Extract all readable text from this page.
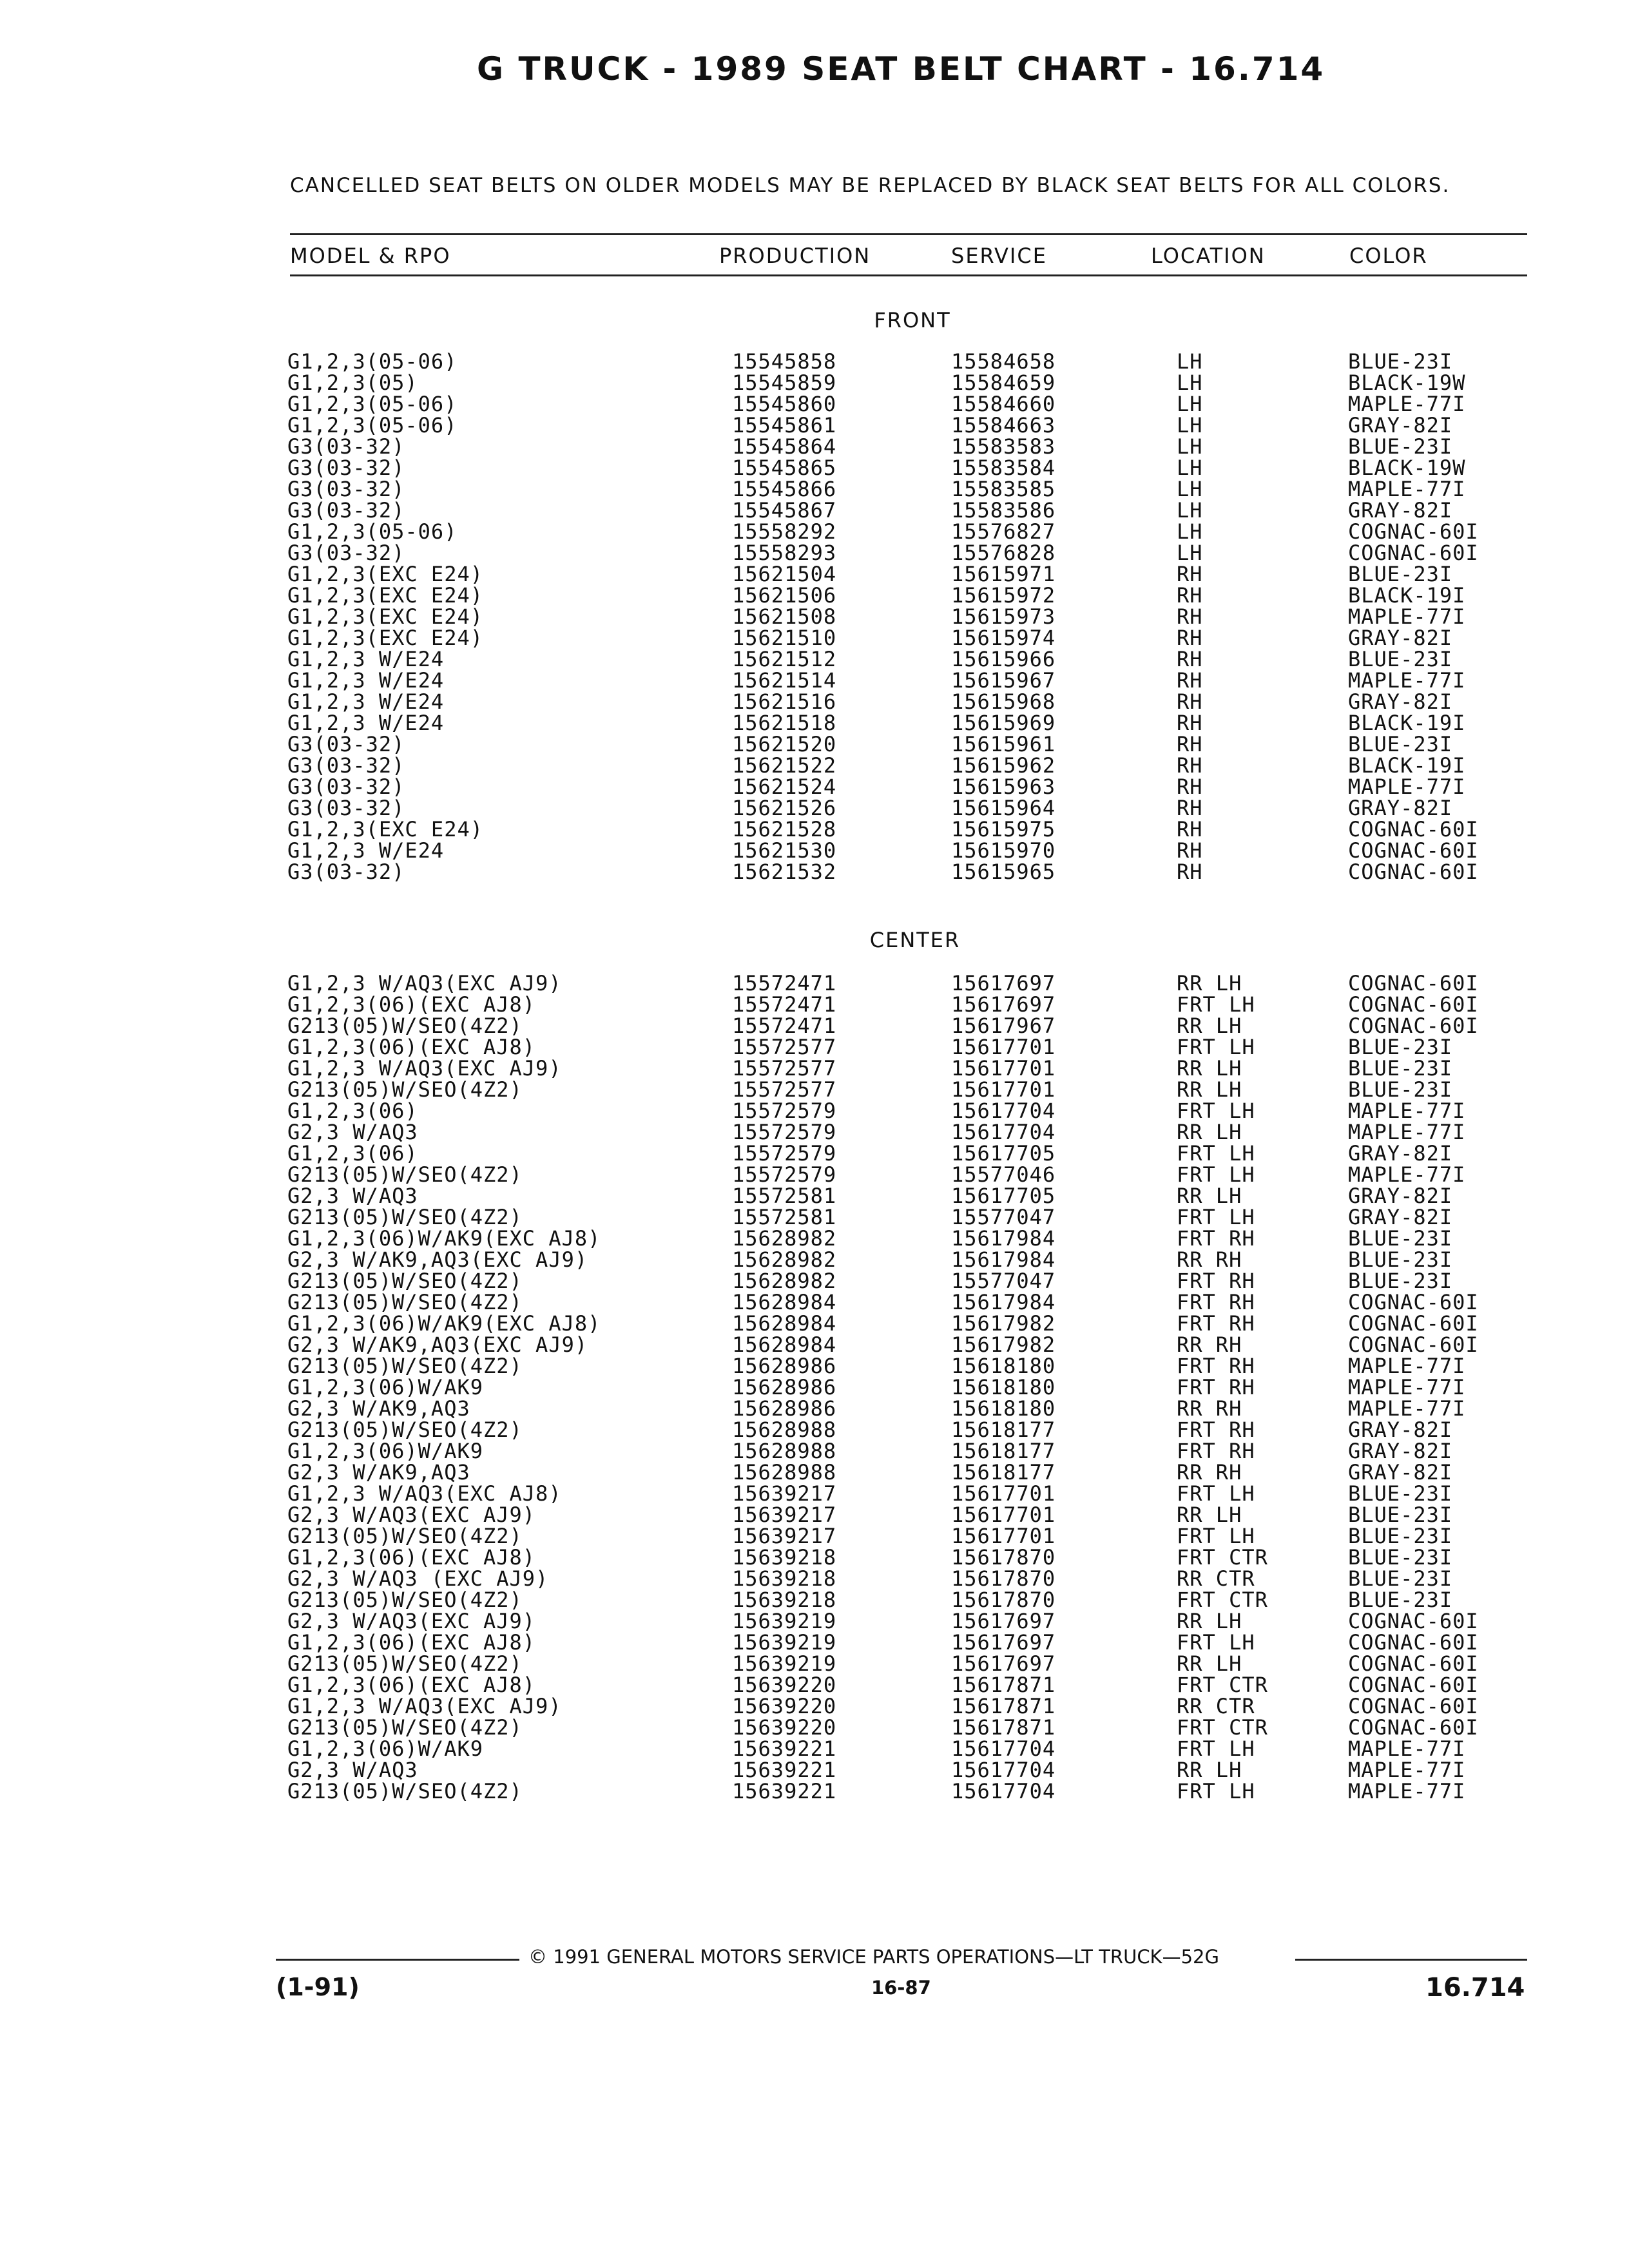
G TRUCK - 1989 SEAT BELT CHART - 16.714
CANCELLED SEAT BELTS ON OLDER MODELS MAY BE REPLACED BY BLACK SEAT BELTS FOR ALL COLORS.
MODEL & RPO	PRODUCTION	SERVICE	LOCATION	COLOR
FRONT
G1,2,3(05-06)	15545858	15584658	LH	BLUE-23I
G1,2,3(05)	15545859	15584659	LH	BLACK-19W
G1,2,3(05-06)	15545860	15584660	LH	MAPLE-77I
G1,2,3(05-06)	15545861	15584663	LH	GRAY-82I
G3(03-32)	15545864	15583583	LH	BLUE-23I
G3(03-32)	15545865	15583584	LH	BLACK-19W
G3(03-32)	15545866	15583585	LH	MAPLE-77I
G3(03-32)	15545867	15583586	LH	GRAY-82I
G1,2,3(05-06)	15558292	15576827	LH	COGNAC-60I
G3(03-32)	15558293	15576828	LH	COGNAC-60I
G1,2,3(EXC E24)	15621504	15615971	RH	BLUE-23I
G1,2,3(EXC E24)	15621506	15615972	RH	BLACK-19I
G1,2,3(EXC E24)	15621508	15615973	RH	MAPLE-77I
G1,2,3(EXC E24)	15621510	15615974	RH	GRAY-82I
G1,2,3 W/E24	15621512	15615966	RH	BLUE-23I
G1,2,3 W/E24	15621514	15615967	RH	MAPLE-77I
G1,2,3 W/E24	15621516	15615968	RH	GRAY-82I
G1,2,3 W/E24	15621518	15615969	RH	BLACK-19I
G3(03-32)	15621520	15615961	RH	BLUE-23I
G3(03-32)	15621522	15615962	RH	BLACK-19I
G3(03-32)	15621524	15615963	RH	MAPLE-77I
G3(03-32)	15621526	15615964	RH	GRAY-82I
G1,2,3(EXC E24)	15621528	15615975	RH	COGNAC-60I
G1,2,3 W/E24	15621530	15615970	RH	COGNAC-60I
G3(03-32)	15621532	15615965	RH	COGNAC-60I
CENTER
G1,2,3 W/AQ3(EXC AJ9)	15572471	15617697	RR LH	COGNAC-60I
G1,2,3(06)(EXC AJ8)	15572471	15617697	FRT LH	COGNAC-60I
G213(05)W/SEO(4Z2)	15572471	15617967	RR LH	COGNAC-60I
G1,2,3(06)(EXC AJ8)	15572577	15617701	FRT LH	BLUE-23I
G1,2,3 W/AQ3(EXC AJ9)	15572577	15617701	RR LH	BLUE-23I
G213(05)W/SEO(4Z2)	15572577	15617701	RR LH	BLUE-23I
G1,2,3(06)	15572579	15617704	FRT LH	MAPLE-77I
G2,3 W/AQ3	15572579	15617704	RR LH	MAPLE-77I
G1,2,3(06)	15572579	15617705	FRT LH	GRAY-82I
G213(05)W/SEO(4Z2)	15572579	15577046	FRT LH	MAPLE-77I
G2,3 W/AQ3	15572581	15617705	RR LH	GRAY-82I
G213(05)W/SEO(4Z2)	15572581	15577047	FRT LH	GRAY-82I
G1,2,3(06)W/AK9(EXC AJ8)	15628982	15617984	FRT RH	BLUE-23I
G2,3 W/AK9,AQ3(EXC AJ9)	15628982	15617984	RR RH	BLUE-23I
G213(05)W/SEO(4Z2)	15628982	15577047	FRT RH	BLUE-23I
G213(05)W/SEO(4Z2)	15628984	15617984	FRT RH	COGNAC-60I
G1,2,3(06)W/AK9(EXC AJ8)	15628984	15617982	FRT RH	COGNAC-60I
G2,3 W/AK9,AQ3(EXC AJ9)	15628984	15617982	RR RH	COGNAC-60I
G213(05)W/SEO(4Z2)	15628986	15618180	FRT RH	MAPLE-77I
G1,2,3(06)W/AK9	15628986	15618180	FRT RH	MAPLE-77I
G2,3 W/AK9,AQ3	15628986	15618180	RR RH	MAPLE-77I
G213(05)W/SEO(4Z2)	15628988	15618177	FRT RH	GRAY-82I
G1,2,3(06)W/AK9	15628988	15618177	FRT RH	GRAY-82I
G2,3 W/AK9,AQ3	15628988	15618177	RR RH	GRAY-82I
G1,2,3 W/AQ3(EXC AJ8)	15639217	15617701	FRT LH	BLUE-23I
G2,3 W/AQ3(EXC AJ9)	15639217	15617701	RR LH	BLUE-23I
G213(05)W/SEO(4Z2)	15639217	15617701	FRT LH	BLUE-23I
G1,2,3(06)(EXC AJ8)	15639218	15617870	FRT CTR	BLUE-23I
G2,3 W/AQ3 (EXC AJ9)	15639218	15617870	RR CTR	BLUE-23I
G213(05)W/SEO(4Z2)	15639218	15617870	FRT CTR	BLUE-23I
G2,3 W/AQ3(EXC AJ9)	15639219	15617697	RR LH	COGNAC-60I
G1,2,3(06)(EXC AJ8)	15639219	15617697	FRT LH	COGNAC-60I
G213(05)W/SEO(4Z2)	15639219	15617697	RR LH	COGNAC-60I
G1,2,3(06)(EXC AJ8)	15639220	15617871	FRT CTR	COGNAC-60I
G1,2,3 W/AQ3(EXC AJ9)	15639220	15617871	RR CTR	COGNAC-60I
G213(05)W/SEO(4Z2)	15639220	15617871	FRT CTR	COGNAC-60I
G1,2,3(06)W/AK9	15639221	15617704	FRT LH	MAPLE-77I
G2,3 W/AQ3	15639221	15617704	RR LH	MAPLE-77I
G213(05)W/SEO(4Z2)	15639221	15617704	FRT LH	MAPLE-77I
© 1991 GENERAL MOTORS SERVICE PARTS OPERATIONS—LT TRUCK—52G
(1-91)	16-87	16.714
